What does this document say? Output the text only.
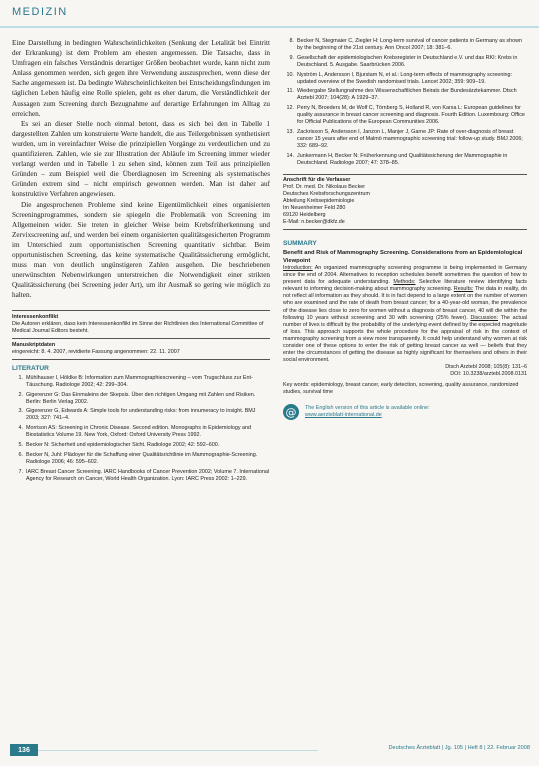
MEDIZIN

Eine Darstellung in bedingten Wahrscheinlichkeiten (Senkung der Letalität bei Eintritt der Erkrankung) ist dem Problem am ehesten angemessen. Die Tatsache, dass in Umfragen ein falsches Verständnis derartiger Größen beobachtet wurde, kann nicht zum Anlass genommen werden, sich gegen ihre Verwendung auszusprechen, wenn diese der Sache angemessen ist. Da bedingte Wahrscheinlichkeiten bei Entscheidungsfindungen im täglichen Leben häufig eine Rolle spielen, geht es eher darum, die Verständlichkeit der Aussagen zum Screening durch Bezugnahme auf derartige Erfahrungen im Alltag zu erreichen.

Es sei an dieser Stelle noch einmal betont, dass es sich bei den in Tabelle 1 dargestellten Zahlen um konstruierte Werte handelt, die aus Teilergebnissen synthetisiert wurden, um in vereinfachter Weise die prinzipiellen Vorgänge zu verdeutlichen und zu quantifizieren. Zahlen, wie sie zur Illustration der Abläufe im Screening immer wieder verlangt werden und in Tabelle 1 zu sehen sind, können zum Teil aus prinzipiellen Gründen – zum Beispiel weil die Überdiagnosen im Screening als systematisches Gründen extrem sind – nicht empirisch gewonnen werden. Man ist daher auf konstruktive Verfahren angewiesen.

Die angesprochenen Probleme sind keine Eigentümlichkeit eines organisierten Screeningprogrammes, sondern sie spiegeln die Problematik von Screening im Allgemeinen wider. Sie treten in gleicher Weise beim Krebsfrüherkennung und Zervixscreening auf, und werden bei einem organisierten qualitätsgesicherten Programm im Unterschied zum opportunistischen Screening quantitativ sichtbar. Beim opportunistischen Screening, das keine systematische Qualitätssicherung ermöglicht, muss man von deutlich ungünstigeren Zahlen ausgehen. Die beschriebenen unerwünschten Nebenwirkungen unterstreichen die Notwendigkeit einer strikten Qualitätssicherung (bei Screening jeder Art), um ihr Ausmaß so gering wie möglich zu halten.

Interessenkonflikt
Die Autoren erklären, dass kein Interessenkonflikt im Sinne der Richtlinien des International Committee of Medical Journal Editors besteht.
Manuskriptdaten
eingereicht: 8. 4. 2007, revidierte Fassung angenommen: 22. 11. 2007
LITERATUR
1. Mühlhauser I, Höldke B: Information zum Mammographiescreening – vom Trugschluss zur Ent-Täuschung. Radiologe 2002; 42: 299–304.
2. Gigerenzer G: Das Einmaleins der Skepsis. Über den richtigen Umgang mit Zahlen und Risiken. Berlin: Berlin Verlag 2002.
3. Gigerenzer G, Edwards A: Simple tools for understanding risks: from innumeracy to insight. BMJ 2003; 327: 741–4.
4. Morrison AS: Screening in Chronic Disease. Second edition. Monographs in Epidemiology and Biostatistics Volume 19. New York, Oxford: Oxford University Press 1992.
5. Becker N: Sicherheit und epidemiologischer Sicht. Radiologe 2002; 42: 592–600.
6. Becker N, Juhl: Plädoyer für die Schaffung einer Qualitätsrichtlinie im Mammographie-Screening. Radiologe 2006; 46: 595–602.
7. IARC Breast Cancer Screening. IARC Handbooks of Cancer Prevention 2002; Volume 7. International Agency for Research on Cancer, World Health Organization. Lyon: IARC Press 2002: 1–229.
8. Becker N, Stegmaier C, Ziegler H: Long-term survival of cancer patients in Germany as shown by the beginning of the 21st century. Ann Oncol 2007; 18: 381–6.
9. Gesellschaft der epidemiologischen Krebsregister in Deutschland e.V. und das RKI: Krebs in Deutschland. 5. Ausgabe. Saarbrücken 2006.
10. Nyström L, Andersson I, Bjurstam N, et al.: Long-term effects of mammography screening: updated overview of the Swedish randomised trials. Lancet 2002; 359: 909–19.
11. Wiedergabe Stellungnahme des Wissenschaftlichen Beirats der Bundesärztekammer. Dtsch Arztebl 2007; 104(28): A 1929–37.
12. Perry N, Broeders M, de Wolf C, Törnberg S, Holland R, von Karsa L: European guidelines for quality assurance in breast cancer screening and diagnosis. Fourth Edition. Luxembourg: Office for Official Publications of the European Communities 2006.
13. Zackrisson S, Andersson I, Janzon L, Manjer J, Garne JP: Rate of over-diagnosis of breast cancer 15 years after end of Malmö mammographic screening trial: follow-up study. BMJ 2006; 332: 689–92.
14. Junkermann H, Becker N: Früherkennung und Qualitätssicherung der Mammographie in Deutschland. Radiologe 2007; 47: 378–85.
Anschrift für die Verfasser
Prof. Dr. med. Dr. Nikolaus Becker
Deutsches Krebsforschungszentrum
Abteilung Krebsepidemiologie
Im Neuenheimer Feld 280
69120 Heidelberg
E-Mail: n.becker@dkfz.de
SUMMARY
Benefit and Risk of Mammography Screening. Considerations from an Epidemiological Viewpoint

Introduction: An organized mammography screening programme is being implemented in Germany since the end of 2004. Alternatives to reception schedules benefit sometimes the question of how to present data for adequate understanding. Methods: Selective literature review identifying facts relevant to informing decision-making about mammography screening. Results: The data in reality, do not reflect all information as they should. It is in fact depend to a large extent on the number of women who are examined and the rate of death from breast cancer; for a 40-year-old woman, the prevalence of the disease lies close to zero for women without a diagnosis of breast cancer, 40 will die within the following 10 years without screening and 30 with screening (25% fewer). Discussion: The actual number of lives is difficult by the probability of the underlying event defined by the expected magnitude of loss. This approach supports the whole procedure for the appraisal of risk in the context of mammography screening from a view more transparently. It could help understand why women at risk consider one of these options to enter the risk of getting breast cancer as well — beliefs that they enter the circumstances of getting the disease as highly significant for themselves and others in their social environment.

Dtsch Arztebl 2008; 105(8): 131–6
DOI: 10.3238/arztebl.2008.0131
Key words: epidemiology, breast cancer, early detection, screening, quality assurance, randomized studies, survival time
@	The English version of this article is available online:
www.aerzteblatt-international.de
136	Deutsches Ärzteblatt | Jg. 105 | Heft 8 | 22. Februar 2008
